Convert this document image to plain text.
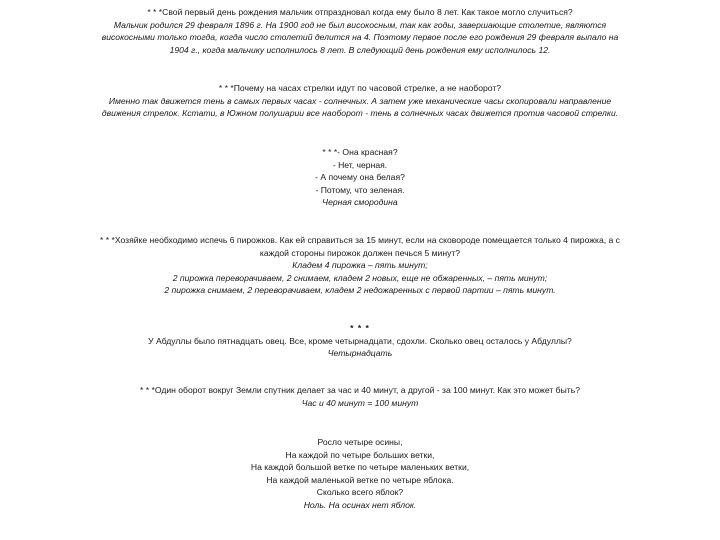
* * *Свой первый день рождения мальчик отпраздновал когда ему было 8 лет. Как такое могло случиться?
Мальчик родился 29 февраля 1896 г. На 1900 год не был високосным, так как годы, завершающие столетие, являются
високосными только тогда, когда число столетий делится на 4. Поэтому первое после его рождения 29 февраля выпало на
1904 г., когда мальчику исполнилось 8 лет. В следующий день рождения ему исполнилось 12.
* * *Почему на часах стрелки идут по часовой стрелке, а не наоборот?
Именно так движется тень в самых первых часах - солнечных. А затем уже механические часы скопировали направление
движения стрелок. Кстати, в Южном полушарии все наоборот - тень в солнечных часах движется против часовой стрелки.
* * *- Она красная?
- Нет, черная.
- А почему она белая?
- Потому, что зеленая.
Черная смородина
* * *Хозяйке необходимо испечь 6 пирожков. Как ей справиться за 15 минут, если на сковороде помещается только 4 пирожка, а с
каждой стороны пирожок должен печься 5 минут?
Кладем 4 пирожка – пять минут;
2 пирожка переворачиваем, 2 снимаем, кладем 2 новых, еще не обжаренных, – пять минут;
2 пирожка снимаем, 2 переворачиваем, кладем 2 недожаренных с первой партии – пять минут.
* * *
У Абдуллы было пятнадцать овец. Все, кроме четырнадцати, сдохли. Сколько овец осталось у Абдуллы?
Четырнадцать
* * *Один оборот вокруг Земли спутник делает за час и 40 минут, а другой - за 100 минут. Как это может быть?
Час и 40 минут = 100 минут
Росло четыре осины,
На каждой по четыре больших ветки,
На каждой большой ветке по четыре маленьких ветки,
На каждой маленькой ветке по четыре яблока.
Сколько всего яблок?
Ноль. На осинах нет яблок.
